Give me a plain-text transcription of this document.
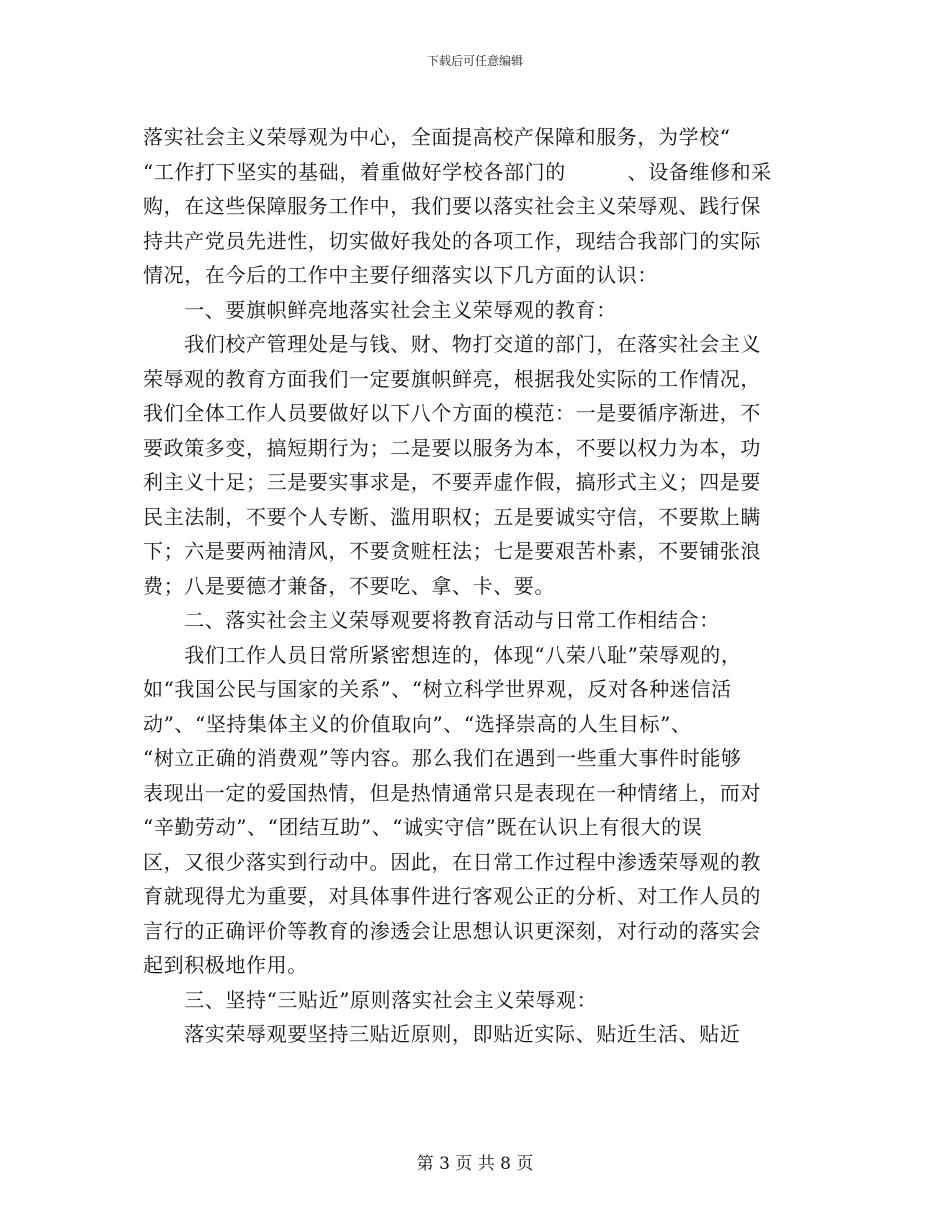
下载后可任意编辑
落实社会主义荣辱观为中心，全面提高校产保障和服务，为学校“
“工作打下坚实的基础，着重做好学校各部门的　　　、设备维修和采
购，在这些保障服务工作中，我们要以落实社会主义荣辱观、践行保
持共产党员先进性，切实做好我处的各项工作，现结合我部门的实际
情况，在今后的工作中主要仔细落实以下几方面的认识：
　　一、要旗帜鲜亮地落实社会主义荣辱观的教育：
　　我们校产管理处是与钱、财、物打交道的部门，在落实社会主义
荣辱观的教育方面我们一定要旗帜鲜亮，根据我处实际的工作情况，
我们全体工作人员要做好以下八个方面的模范：一是要循序渐进，不
要政策多变，搞短期行为；二是要以服务为本，不要以权力为本，功
利主义十足；三是要实事求是，不要弄虚作假，搞形式主义；四是要
民主法制，不要个人专断、滥用职权；五是要诚实守信，不要欺上瞒
下；六是要两袖清风，不要贪赃枉法；七是要艰苦朴素，不要铺张浪
费；八是要德才兼备，不要吃、拿、卡、要。
　　二、落实社会主义荣辱观要将教育活动与日常工作相结合：
　　我们工作人员日常所紧密想连的，体现“八荣八耻”荣辱观的，
如“我国公民与国家的关系”、“树立科学世界观，反对各种迷信活
动”、“坚持集体主义的价值取向”、“选择崇高的人生目标”、
“树立正确的消费观”等内容。那么我们在遇到一些重大事件时能够
表现出一定的爱国热情，但是热情通常只是表现在一种情绪上，而对
“辛勤劳动”、“团结互助”、“诚实守信”既在认识上有很大的误
区，又很少落实到行动中。因此，在日常工作过程中渗透荣辱观的教
育就现得尤为重要，对具体事件进行客观公正的分析、对工作人员的
言行的正确评价等教育的渗透会让思想认识更深刻，对行动的落实会
起到积极地作用。
　　三、坚持“三贴近”原则落实社会主义荣辱观：
　　落实荣辱观要坚持三贴近原则，即贴近实际、贴近生活、贴近
第 3 页 共 8 页
